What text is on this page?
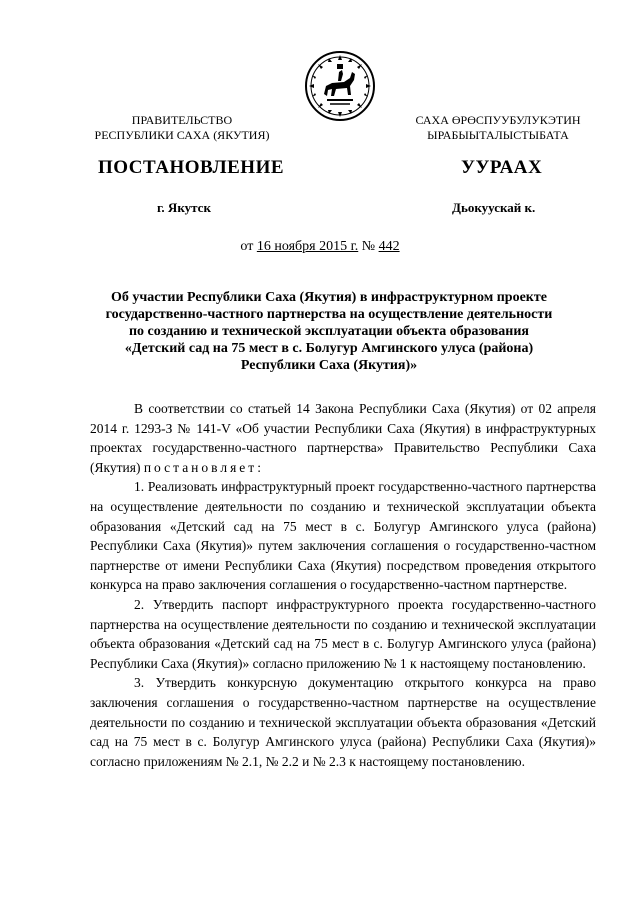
ПРАВИТЕЛЬСТВО
РЕСПУБЛИКИ САХА (ЯКУТИЯ)
САХА ӨРӨСПУУБУЛУКЭТИН
ЫРАБЫЫТАЛЫСТЫБАТА
ПОСТАНОВЛЕНИЕ	УУРААХ
г. Якутск	Дьокуускай к.
от 16 ноября 2015 г. № 442
Об участии Республики Саха (Якутия) в инфраструктурном проекте
государственно-частного партнерства на осуществление деятельности
по созданию и технической эксплуатации объекта образования
«Детский сад на 75 мест в с. Болугур Амгинского улуса (района)
Республики Саха (Якутия)»

В соответствии со статьей 14 Закона Республики Саха (Якутия) от 02 апреля 2014 г. 1293-З № 141-V «Об участии Республики Саха (Якутия) в инфраструктурных проектах государственно-частного партнерства» Правительство Республики Саха (Якутия) постановляет:

1. Реализовать инфраструктурный проект государственно-частного партнерства на осуществление деятельности по созданию и технической эксплуатации объекта образования «Детский сад на 75 мест в с. Болугур Амгинского улуса (района) Республики Саха (Якутия)» путем заключения соглашения о государственно-частном партнерстве от имени Республики Саха (Якутия) посредством проведения открытого конкурса на право заключения соглашения о государственно-частном партнерстве.

2. Утвердить паспорт инфраструктурного проекта государственно-частного партнерства на осуществление деятельности по созданию и технической эксплуатации объекта образования «Детский сад на 75 мест в с. Болугур Амгинского улуса (района) Республики Саха (Якутия)» согласно приложению № 1 к настоящему постановлению.

3. Утвердить конкурсную документацию открытого конкурса на право заключения соглашения о государственно-частном партнерстве на осуществление деятельности по созданию и технической эксплуатации объекта образования «Детский сад на 75 мест в с. Болугур Амгинского улуса (района) Республики Саха (Якутия)» согласно приложениям № 2.1, № 2.2 и № 2.3 к настоящему постановлению.
